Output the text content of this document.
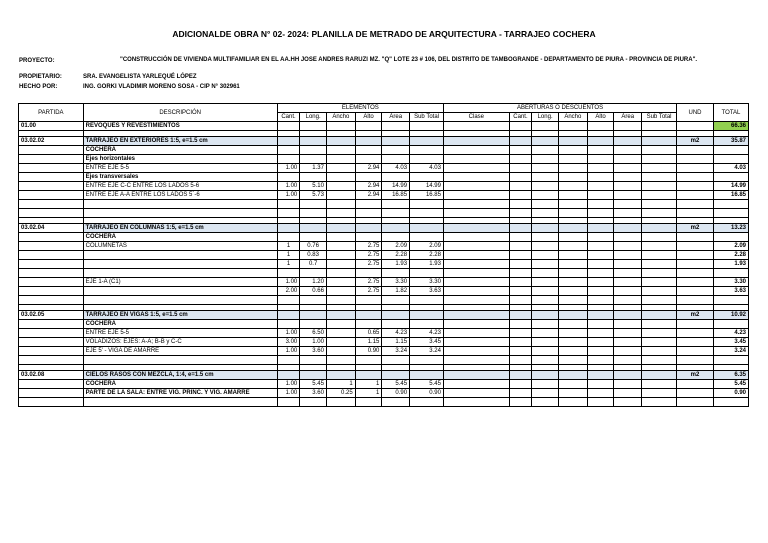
ADICIONALDE OBRA N° 02- 2024: PLANILLA DE METRADO DE ARQUITECTURA - TARRAJEO COCHERA
PROYECTO:	"CONSTRUCCIÓN DE VIVIENDA MULTIFAMILIAR EN EL AA.HH JOSE ANDRES RARUZI MZ. "Q" LOTE 23 # 106, DEL DISTRITO DE TAMBOGRANDE - DEPARTAMENTO DE PIURA - PROVINCIA DE PIURA".
PROPIETARIO:	SRA. EVANGELISTA YARLEQUÉ LÓPEZ
HECHO POR:	ING. GORKI VLADIMIR MORENO SOSA - CIP N° 302961
PARTIDA	DESCRIPCIÓN	ELEMENTOS						ABERTURAS O DESCUENTOS							UND	TOTAL
		Cant.	Long.	Ancho	Alto	Área	Sub Total	Clase	Cant.	Long.	Ancho	Alto	Área	Sub Total		
01.00	REVOQUES Y REVESTIMIENTOS															66.36

03.02.02	TARRAJEO EN EXTERIORES 1:5, e=1.5 cm														m2	35.87
	COCHERA															
	Ejes horizontales															
	ENTRE EJE 5-5	1.00	1.37		2.94	4.03	4.03									4.03
	Ejes transversales															
	ENTRE EJE C-C ENTRE LOS LADOS 5-6	1.00	5.10		2.94	14.99	14.99									14.99
	ENTRE EJE A-A ENTRE LOS LADOS 5´-6	1.00	5.73		2.94	16.85	16.85									16.85

03.02.04	TARRAJEO EN COLUMNAS 1:5, e=1.5 cm														m2	13.23
	COCHERA															
	COLUMNETAS	1	0.76		2.75	2.09	2.09									2.09
		1	0.83		2.75	2.28	2.28									2.28
		1	0.7		2.75	1.93	1.93									1.93

	EJE 1-A (C1)	1.00	1.20		2.75	3.30	3.30									3.30
		2.00	0.66		2.75	1.82	3.63									3.63

03.02.05	TARRAJEO EN VIGAS 1:5, e=1.5 cm														m2	10.92
	COCHERA															
	ENTRE EJE 5-5	1.00	6.50		0.65	4.23	4.23									4.23
	VOLADIZOS: EJES: A-A; B-B y C-C	3.00	1.00		1.15	1.15	3.45									3.45
	EJE 5' - VIGA DE AMARRE	1.00	3.60		0.90	3.24	3.24									3.24

03.02.08	CIELOS RASOS CON MEZCLA, 1:4, e=1.5 cm														m2	6.35
	COCHERA	1.00	5.45	1	1	5.45	5.45									5.45
	PARTE DE LA SALA: ENTRE VIG. PRINC. Y VIG. AMARRE	1.00	3.60	0.25	1	0.90	0.90									0.90
